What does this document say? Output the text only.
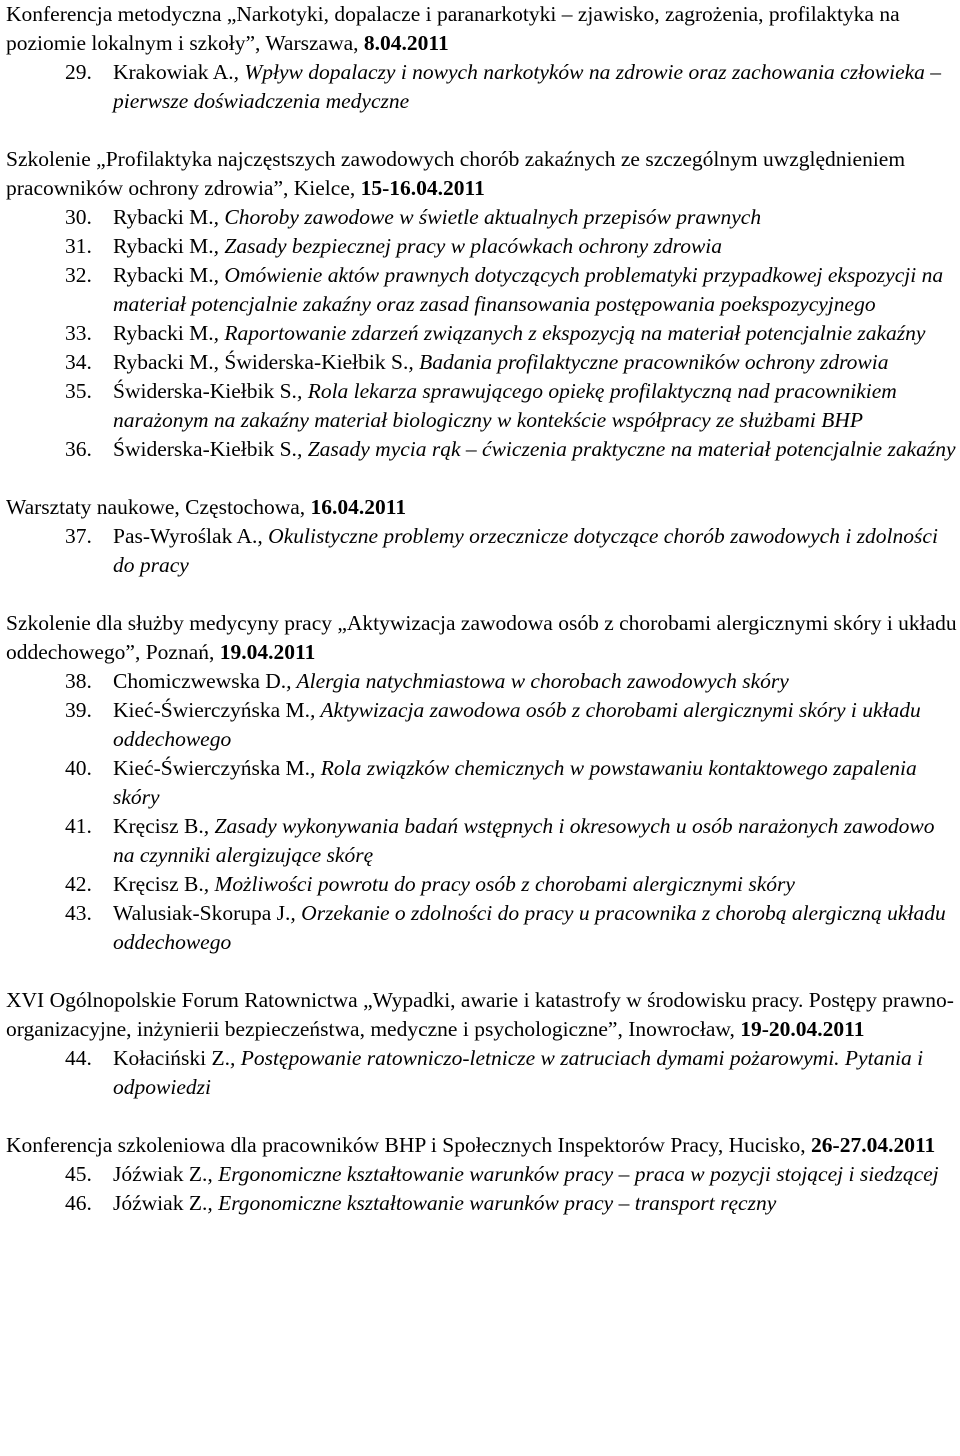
Konferencja metodyczna „Narkotyki, dopalacze i paranarkotyki – zjawisko, zagrożenia, profilaktyka na poziomie lokalnym i szkoły”, Warszawa, 8.04.2011
29. Krakowiak A., Wpływ dopalaczy i nowych narkotyków na zdrowie oraz zachowania człowieka – pierwsze doświadczenia medyczne
Szkolenie „Profilaktyka najczęstszych zawodowych chorób zakaźnych ze szczególnym uwzględnieniem pracowników ochrony zdrowia”, Kielce, 15-16.04.2011
30. Rybacki M., Choroby zawodowe w świetle aktualnych przepisów prawnych
31. Rybacki M., Zasady bezpiecznej pracy w placówkach ochrony zdrowia
32. Rybacki M., Omówienie aktów prawnych dotyczących problematyki przypadkowej ekspozycji na materiał potencjalnie zakaźny oraz zasad finansowania postępowania poekspozycyjnego
33. Rybacki M., Raportowanie zdarzeń związanych z ekspozycją na materiał potencjalnie zakaźny
34. Rybacki M., Świderska-Kiełbik S., Badania profilaktyczne pracowników ochrony zdrowia
35. Świderska-Kiełbik S., Rola lekarza sprawującego opiekę profilaktyczną nad pracownikiem narażonym na zakaźny materiał biologiczny w kontekście współpracy ze służbami BHP
36. Świderska-Kiełbik S., Zasady mycia rąk – ćwiczenia praktyczne na materiał potencjalnie zakaźny
Warsztaty naukowe, Częstochowa, 16.04.2011
37. Pas-Wyroślak A., Okulistyczne problemy orzecznicze dotyczące chorób zawodowych i zdolności do pracy
Szkolenie dla służby medycyny pracy „Aktywizacja zawodowa osób z chorobami alergicznymi skóry i układu oddechowego”, Poznań, 19.04.2011
38. Chomiczwewska D., Alergia natychmiastowa w chorobach zawodowych skóry
39. Kieć-Świerczyńska M., Aktywizacja zawodowa osób z chorobami alergicznymi skóry i układu oddechowego
40. Kieć-Świerczyńska M., Rola związków chemicznych w powstawaniu kontaktowego zapalenia skóry
41. Kręcisz B., Zasady wykonywania badań wstępnych i okresowych u osób narażonych zawodowo na czynniki alergizujące skórę
42. Kręcisz B., Możliwości powrotu do pracy osób z chorobami alergicznymi skóry
43. Walusiak-Skorupa J., Orzekanie o zdolności do pracy u pracownika z chorobą alergiczną układu oddechowego
XVI Ogólnopolskie Forum Ratownictwa „Wypadki, awarie i katastrofy w środowisku pracy. Postępy prawno-organizacyjne, inżynierii bezpieczeństwa, medyczne i psychologiczne”, Inowrocław, 19-20.04.2011
44. Kołaciński Z., Postępowanie ratowniczo-letnicze w zatruciach dymami pożarowymi. Pytania i odpowiedzi
Konferencja szkoleniowa dla pracowników BHP i Społecznych Inspektorów Pracy, Hucisko, 26-27.04.2011
45. Jóźwiak Z., Ergonomiczne kształtowanie warunków pracy – praca w pozycji stojącej i siedzącej
46. Jóźwiak Z., Ergonomiczne kształtowanie warunków pracy – transport ręczny
